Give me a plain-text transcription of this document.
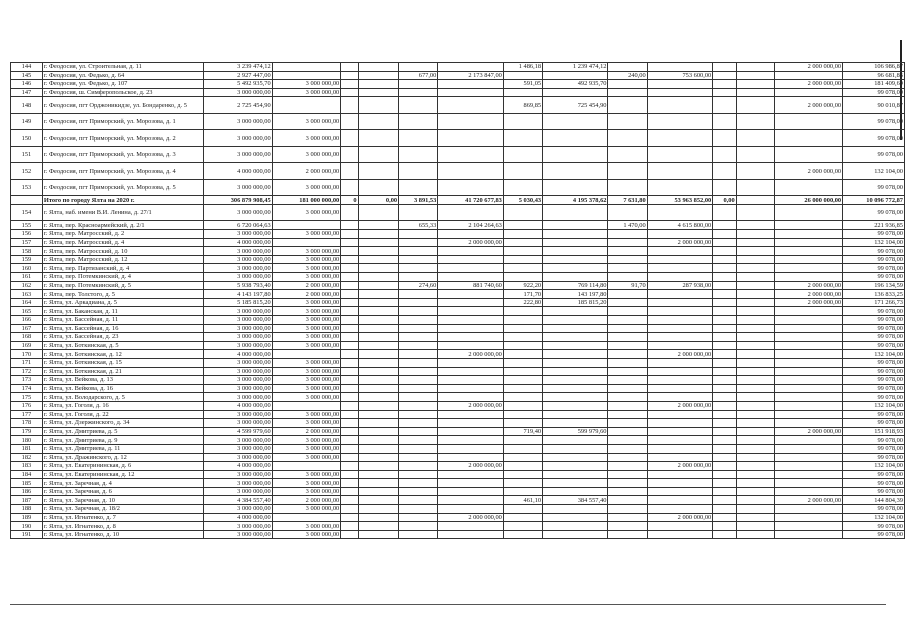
144	г. Феодосия, ул. Строительная, д. 11	3 239 474,12						1 486,18	1 239 474,12					2 000 000,00	106 986,87
145	г. Феодосия, ул. Федько, д. 64	2 927 447,00				677,00	2 173 847,00			240,00	753 600,00				96 681,86
146	г. Феодосия, ул. Федько, д. 107	5 492 935,70	3 000 000,00					591,05	492 935,70					2 000 000,00	181 409,69
147	г. Феодосия, ш. Симферопольское, д. 23	3 000 000,00	3 000 000,00												99 078,00
148	г. Феодосия, пгт Орджоникидзе, ул. Бондаренко, д. 5	2 725 454,90						869,85	725 454,90					2 000 000,00	90 010,87
149	г. Феодосия, пгт Приморский, ул. Морозова, д. 1	3 000 000,00	3 000 000,00												99 078,00
150	г. Феодосия, пгт Приморский, ул. Морозова, д. 2	3 000 000,00	3 000 000,00												99 078,00
151	г. Феодосия, пгт Приморский, ул. Морозова, д. 3	3 000 000,00	3 000 000,00												99 078,00
152	г. Феодосия, пгт Приморский, ул. Морозова, д. 4	4 000 000,00	2 000 000,00											2 000 000,00	132 104,00
153	г. Феодосия, пгт Приморский, ул. Морозова, д. 5	3 000 000,00	3 000 000,00												99 078,00
	Итого по городу Ялта на 2020 г.	306 879 908,45	181 000 000,00	0	0,00	3 891,53	41 720 677,83	5 030,43	4 195 378,62	7 631,80	53 963 852,00	0,00		26 000 000,00	10 096 772,87
154	г. Ялта, наб. имени В.И. Ленина, д. 27/1	3 000 000,00	3 000 000,00												99 078,00
155	г. Ялта, пер. Красноармейский, д. 2/1	6 720 064,63				655,33	2 104 264,63			1 470,00	4 615 800,00				221 936,85
156	г. Ялта, пер. Матросский, д. 2	3 000 000,00	3 000 000,00												99 078,00
157	г. Ялта, пер. Матросский, д. 4	4 000 000,00					2 000 000,00				2 000 000,00				132 104,00
158	г. Ялта, пер. Матросский, д. 10	3 000 000,00	3 000 000,00												99 078,00
159	г. Ялта, пер. Матросский, д. 12	3 000 000,00	3 000 000,00												99 078,00
160	г. Ялта, пер. Партизанский, д. 4	3 000 000,00	3 000 000,00												99 078,00
161	г. Ялта, пер. Потемкинский, д. 4	3 000 000,00	3 000 000,00												99 078,00
162	г. Ялта, пер. Потемкинский, д. 5	5 938 793,40	2 000 000,00			274,60	881 740,60	922,20	769 114,80	91,70	287 938,00			2 000 000,00	196 134,59
163	г. Ялта, пер. Толстого, д. 5	4 143 197,80	2 000 000,00					171,70	143 197,80					2 000 000,00	136 833,25
164	г. Ялта, ул. Аркадиана, д. 5	5 185 815,20	3 000 000,00					222,80	185 815,20					2 000 000,00	171 266,73
165	г. Ялта, ул. Баканская, д. 11	3 000 000,00	3 000 000,00												99 078,00
166	г. Ялта, ул. Бассейная, д. 11	3 000 000,00	3 000 000,00												99 078,00
167	г. Ялта, ул. Бассейная, д. 16	3 000 000,00	3 000 000,00												99 078,00
168	г. Ялта, ул. Бассейная, д. 23	3 000 000,00	3 000 000,00												99 078,00
169	г. Ялта, ул. Боткинская, д. 5	3 000 000,00	3 000 000,00												99 078,00
170	г. Ялта, ул. Боткинская, д. 12	4 000 000,00					2 000 000,00				2 000 000,00				132 104,00
171	г. Ялта, ул. Боткинская, д. 15	3 000 000,00	3 000 000,00												99 078,00
172	г. Ялта, ул. Боткинская, д. 21	3 000 000,00	3 000 000,00												99 078,00
173	г. Ялта, ул. Вейкова, д. 13	3 000 000,00	3 000 000,00												99 078,00
174	г. Ялта, ул. Вейкова, д. 16	3 000 000,00	3 000 000,00												99 078,00
175	г. Ялта, ул. Володарского, д. 5	3 000 000,00	3 000 000,00												99 078,00
176	г. Ялта, ул. Гоголя, д. 16	4 000 000,00					2 000 000,00				2 000 000,00				132 104,00
177	г. Ялта, ул. Гоголя, д. 22	3 000 000,00	3 000 000,00												99 078,00
178	г. Ялта, ул. Дзержинского, д. 34	3 000 000,00	3 000 000,00												99 078,00
179	г. Ялта, ул. Дмитриева, д. 5	4 599 979,60	2 000 000,00					719,40	599 979,60					2 000 000,00	151 918,93
180	г. Ялта, ул. Дмитриева, д. 9	3 000 000,00	3 000 000,00												99 078,00
181	г. Ялта, ул. Дмитриева, д. 11	3 000 000,00	3 000 000,00												99 078,00
182	г. Ялта, ул. Дражинского, д. 12	3 000 000,00	3 000 000,00												99 078,00
183	г. Ялта, ул. Екатерининская, д. 6	4 000 000,00					2 000 000,00				2 000 000,00				132 104,00
184	г. Ялта, ул. Екатерининская, д. 12	3 000 000,00	3 000 000,00												99 078,00
185	г. Ялта, ул. Заречная, д. 4	3 000 000,00	3 000 000,00												99 078,00
186	г. Ялта, ул. Заречная, д. 6	3 000 000,00	3 000 000,00												99 078,00
187	г. Ялта, ул. Заречная, д. 10	4 384 557,40	2 000 000,00					461,10	384 557,40					2 000 000,00	144 804,39
188	г. Ялта, ул. Заречная, д. 18/2	3 000 000,00	3 000 000,00												99 078,00
189	г. Ялта, ул. Игнатенко, д. 7	4 000 000,00					2 000 000,00				2 000 000,00				132 104,00
190	г. Ялта, ул. Игнатенко, д. 8	3 000 000,00	3 000 000,00												99 078,00
191	г. Ялта, ул. Игнатенко, д. 10	3 000 000,00	3 000 000,00												99 078,00
